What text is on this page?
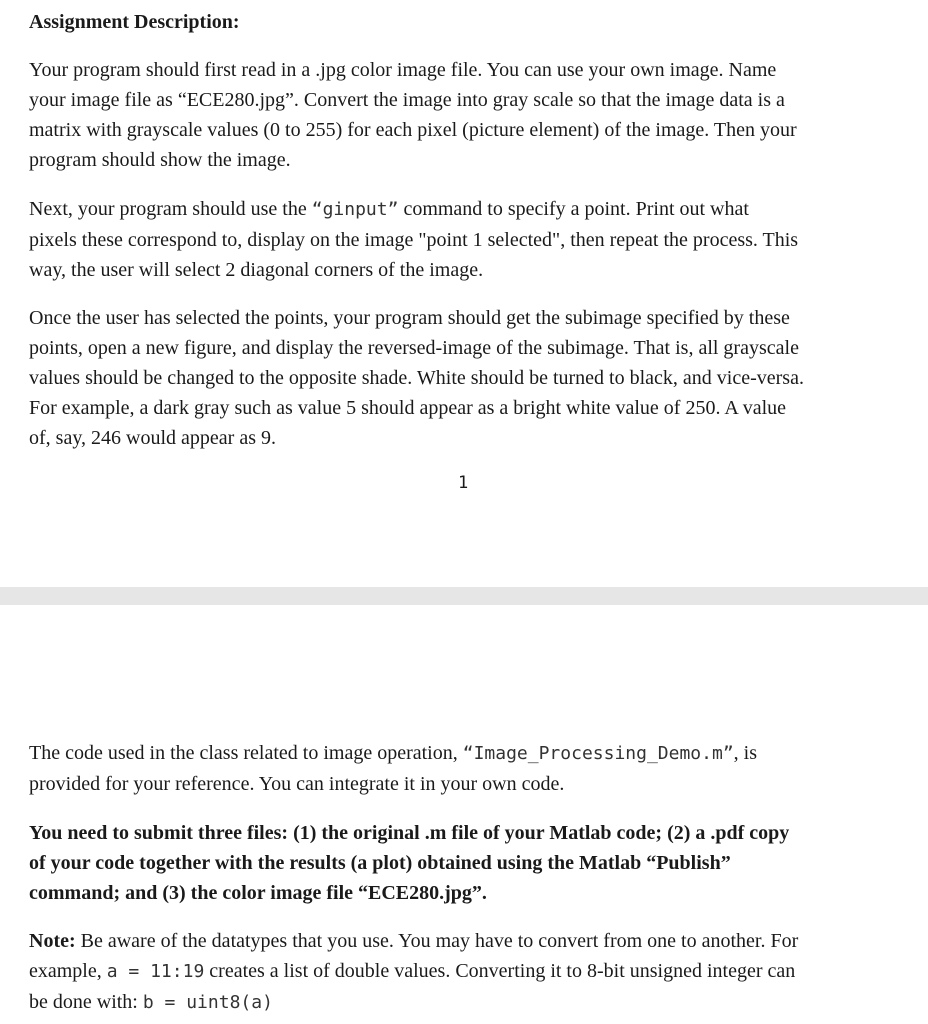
Assignment Description:

Your program should first read in a .jpg color image file. You can use your own image. Name
your image file as “ECE280.jpg”. Convert the image into gray scale so that the image data is a
matrix with grayscale values (0 to 255) for each pixel (picture element) of the image. Then your
program should show the image.

Next, your program should use the “ginput” command to specify a point. Print out what
pixels these correspond to, display on the image "point 1 selected", then repeat the process. This
way, the user will select 2 diagonal corners of the image.

Once the user has selected the points, your program should get the subimage specified by these
points, open a new figure, and display the reversed-image of the subimage. That is, all grayscale
values should be changed to the opposite shade. White should be turned to black, and vice-versa.
For example, a dark gray such as value 5 should appear as a bright white value of 250. A value
of, say, 246 would appear as 9.

1

The code used in the class related to image operation, “Image_Processing_Demo.m”, is
provided for your reference. You can integrate it in your own code.

You need to submit three files: (1) the original .m file of your Matlab code; (2) a .pdf copy
of your code together with the results (a plot) obtained using the Matlab “Publish”
command; and (3) the color image file “ECE280.jpg”.

Note: Be aware of the datatypes that you use. You may have to convert from one to another. For
example, a = 11:19 creates a list of double values. Converting it to 8-bit unsigned integer can
be done with: b = uint8(a)
